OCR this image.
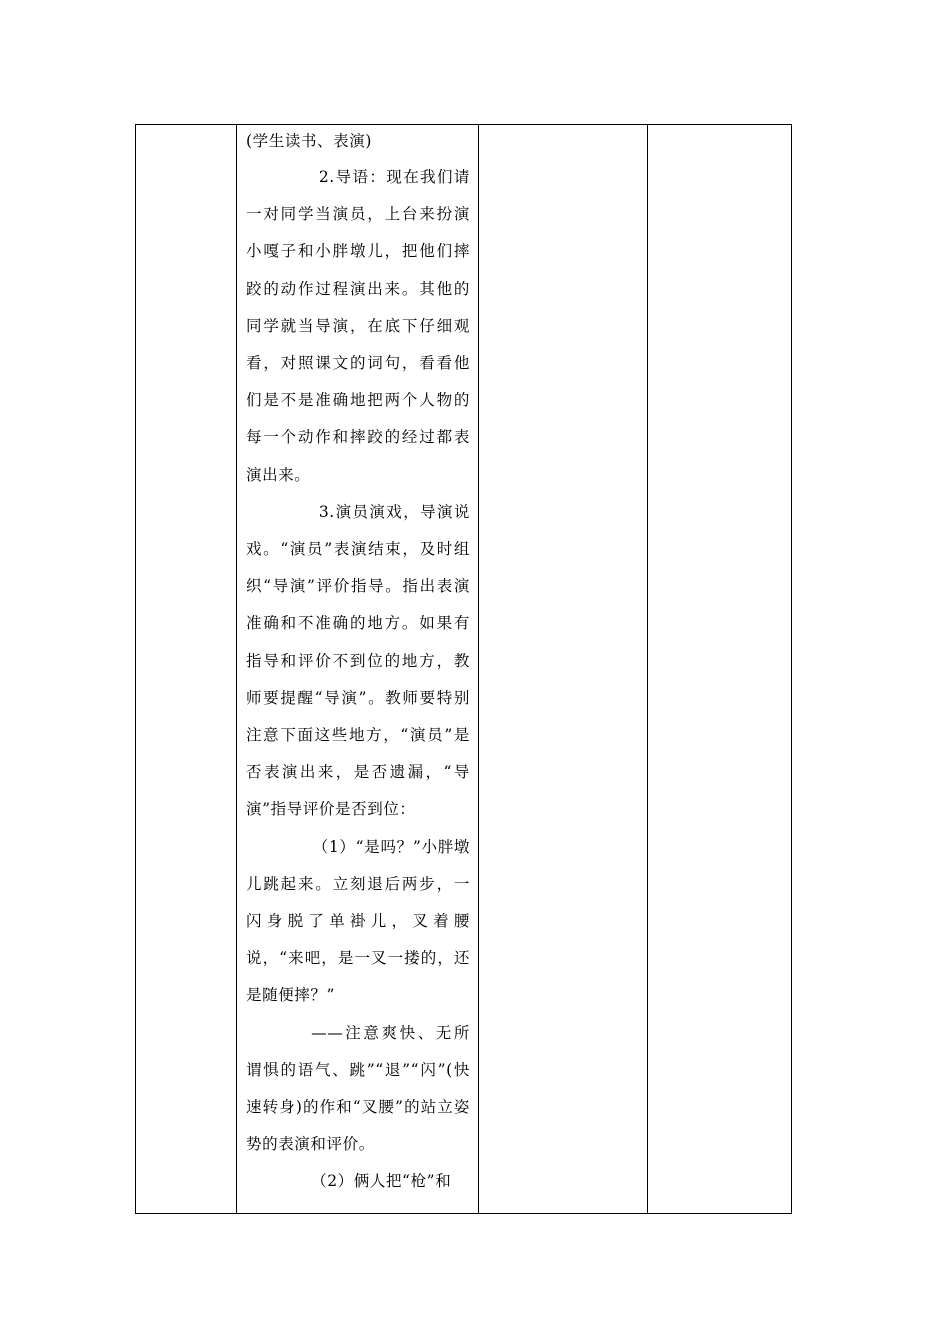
(学生读书、表演)

2.导语：现在我们请一对同学当演员，上台来扮演小嘎子和小胖墩儿，把他们摔跤的动作过程演出来。其他的同学就当导演，在底下仔细观看，对照课文的词句，看看他们是不是准确地把两个人物的每一个动作和摔跤的经过都表演出来。

3.演员演戏，导演说戏。“演员”表演结束，及时组织“导演”评价指导。指出表演准确和不准确的地方。如果有指导和评价不到位的地方，教师要提醒“导演”。教师要特别注意下面这些地方，“演员”是否表演出来，是否遗漏，“导演”指导评价是否到位：

（1）“是吗？”小胖墩儿跳起来。立刻退后两步，一闪身脱了单褂儿，叉着腰说，“来吧，是一叉一搂的，还是随便摔？”

——注意爽快、无所谓惧的语气、跳”“退”“闪”(快速转身)的作和“叉腰”的站立姿势的表演和评价。

（2）俩人把“枪”和
